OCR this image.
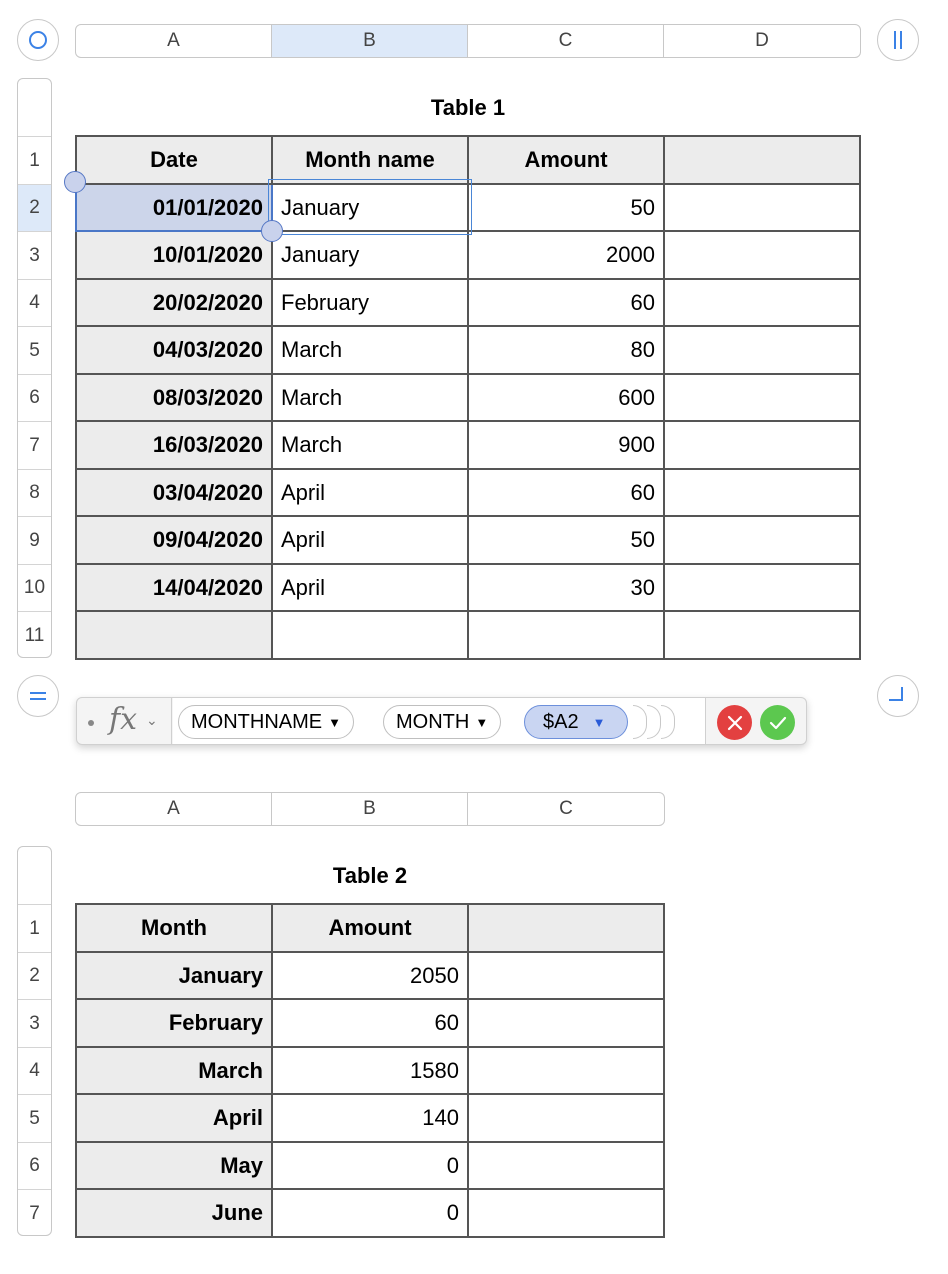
A	B	C	D
1
2
3
4
5
6
7
8
9
10
11
Table 1
Date	Month name	Amount	
01/01/2020	January	50	
10/01/2020	January	2000	
20/02/2020	February	60	
04/03/2020	March	80	
08/03/2020	March	600	
16/03/2020	March	900	
03/04/2020	April	60	
09/04/2020	April	50	
14/04/2020	April	30	

fx ⌄ MONTHNAME ▼	MONTH ▼	$A2 ▼
A	B	C
1
2
3
4
5
6
7
Table 2
Month	Amount	
January	2050	
February	60	
March	1580	
April	140	
May	0	
June	0	
